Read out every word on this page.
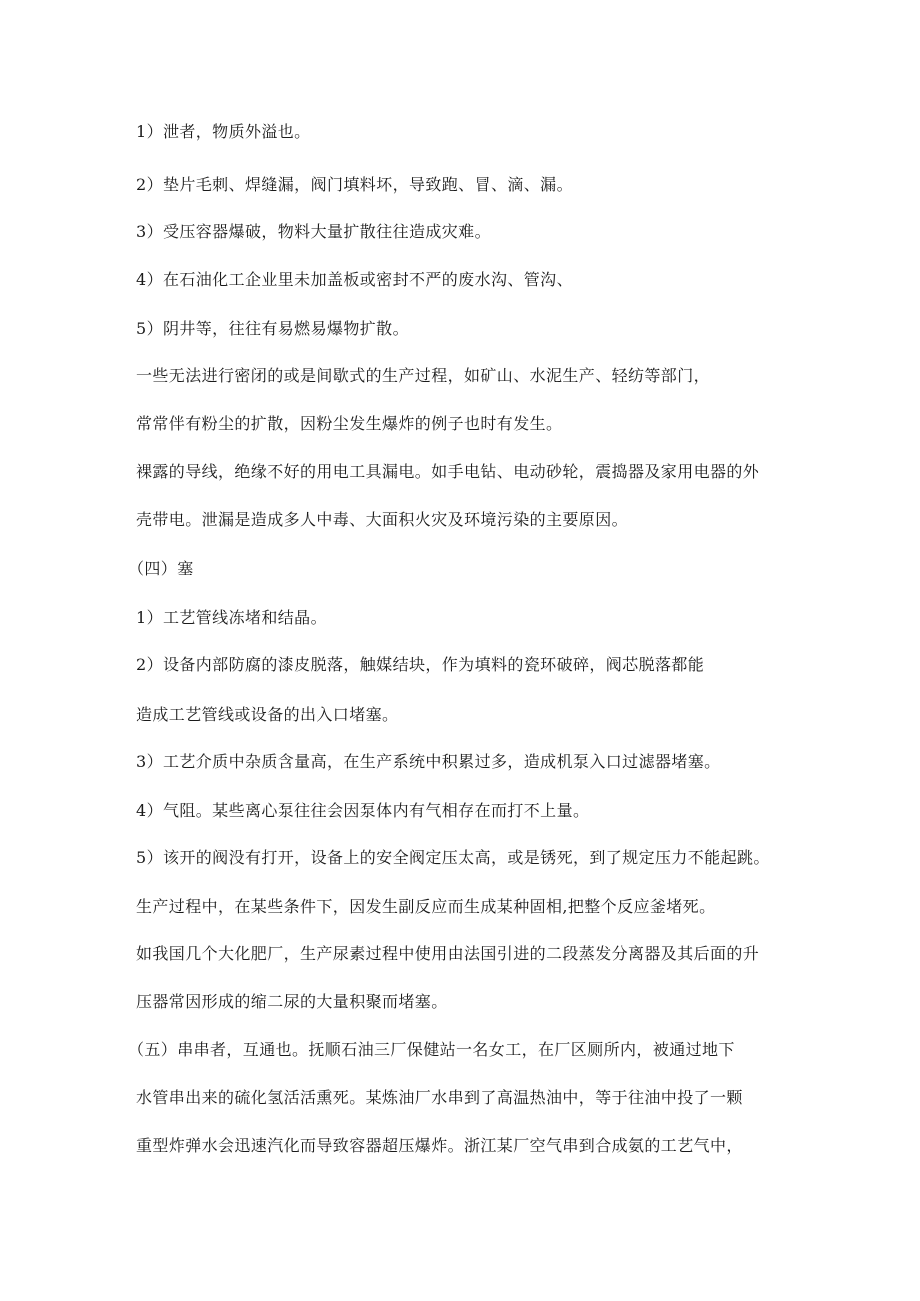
1）泄者，物质外溢也。
2）垫片毛刺、焊缝漏，阀门填料坏，导致跑、冒、滴、漏。
3）受压容器爆破，物料大量扩散往往造成灾难。
4）在石油化工企业里未加盖板或密封不严的废水沟、管沟、
5）阴井等，往往有易燃易爆物扩散。
一些无法进行密闭的或是间歇式的生产过程，如矿山、水泥生产、轻纺等部门，
常常伴有粉尘的扩散，因粉尘发生爆炸的例子也时有发生。
裸露的导线，绝缘不好的用电工具漏电。如手电钻、电动砂轮，震捣器及家用电器的外
壳带电。泄漏是造成多人中毒、大面积火灾及环境污染的主要原因。
（四）塞
1）工艺管线冻堵和结晶。
2）设备内部防腐的漆皮脱落，触媒结块，作为填料的瓷环破碎，阀芯脱落都能
造成工艺管线或设备的出入口堵塞。
3）工艺介质中杂质含量高，在生产系统中积累过多，造成机泵入口过滤器堵塞。
4）气阻。某些离心泵往往会因泵体内有气相存在而打不上量。
5）该开的阀没有打开，设备上的安全阀定压太高，或是锈死，到了规定压力不能起跳。
生产过程中，在某些条件下，因发生副反应而生成某种固相,把整个反应釜堵死。
如我国几个大化肥厂，生产尿素过程中使用由法国引进的二段蒸发分离器及其后面的升
压器常因形成的缩二尿的大量积聚而堵塞。
（五）串串者，互通也。抚顺石油三厂保健站一名女工，在厂区厕所内，被通过地下
水管串出来的硫化氢活活熏死。某炼油厂水串到了高温热油中，等于往油中投了一颗
重型炸弹水会迅速汽化而导致容器超压爆炸。浙江某厂空气串到合成氨的工艺气中，
